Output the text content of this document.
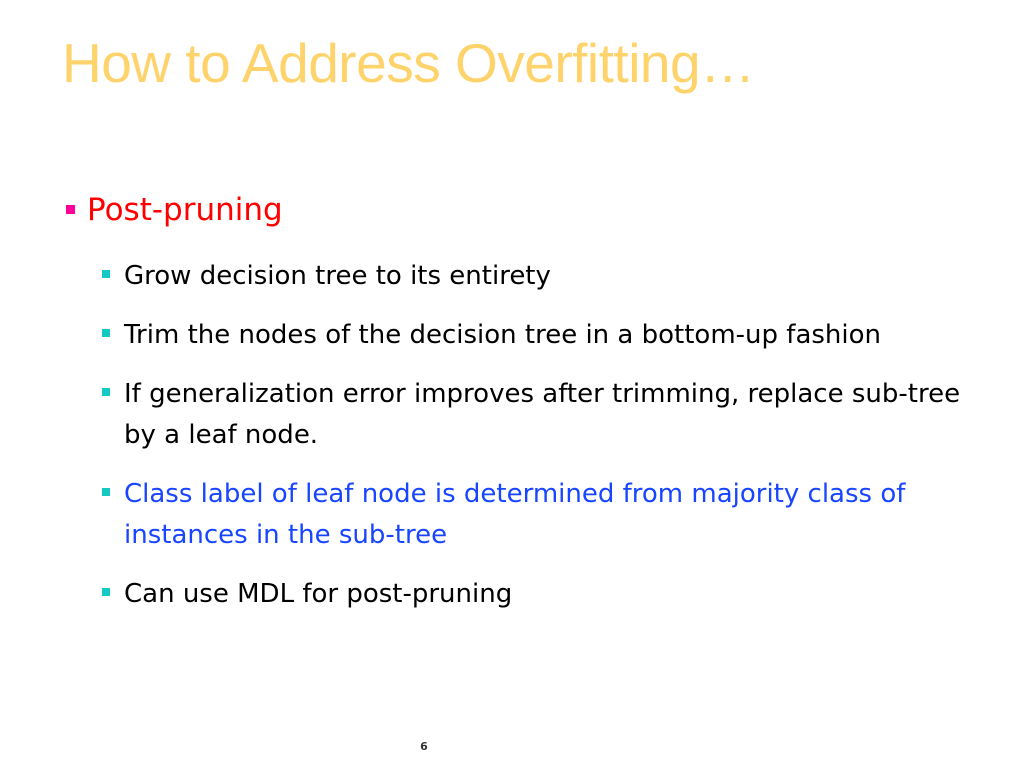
How to Address Overfitting…
Post-pruning
Grow decision tree to its entirety
Trim the nodes of the decision tree in a bottom-up fashion
If generalization error improves after trimming, replace sub-tree by a leaf node.
Class label of leaf node is determined from majority class of instances in the sub-tree
Can use MDL for post-pruning
6
